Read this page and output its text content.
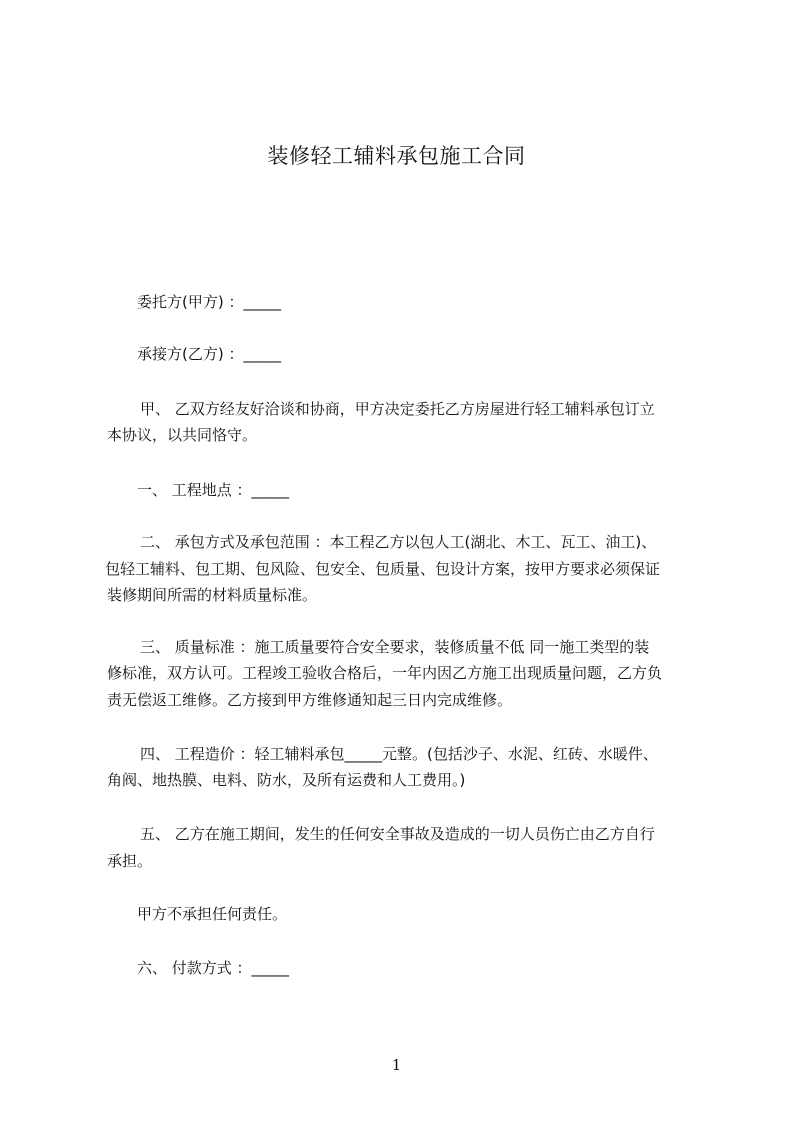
装修轻工辅料承包施工合同
委托方(甲方) ：_____
承接方(乙方) ：_____
甲、 乙双方经友好洽谈和协商，甲方决定委托乙方房屋进行轻工辅料承包订立
本协议，以共同恪守。
一、 工程地点 ：_____
二、 承包方式及承包范围 ：本工程乙方以包人工(湖北、木工、瓦工、油工)、
包轻工辅料、包工期、包风险、包安全、包质量、包设计方案，按甲方要求必须保证
装修期间所需的材料质量标准。
三、 质量标准 ：施工质量要符合安全要求，装修质量不低 同一施工类型的装
修标准，双方认可。工程竣工验收合格后，一年内因乙方施工出现质量问题，乙方负
责无偿返工维修。乙方接到甲方维修通知起三日内完成维修。
四、 工程造价 ：轻工辅料承包_____元整。(包括沙子、水泥、红砖、水暖件、
角阀、地热膜、电料、防水，及所有运费和人工费用。)
五、 乙方在施工期间，发生的任何安全事故及造成的一切人员伤亡由乙方自行
承担。
甲方不承担任何责任。
六、 付款方式 ：_____
1
